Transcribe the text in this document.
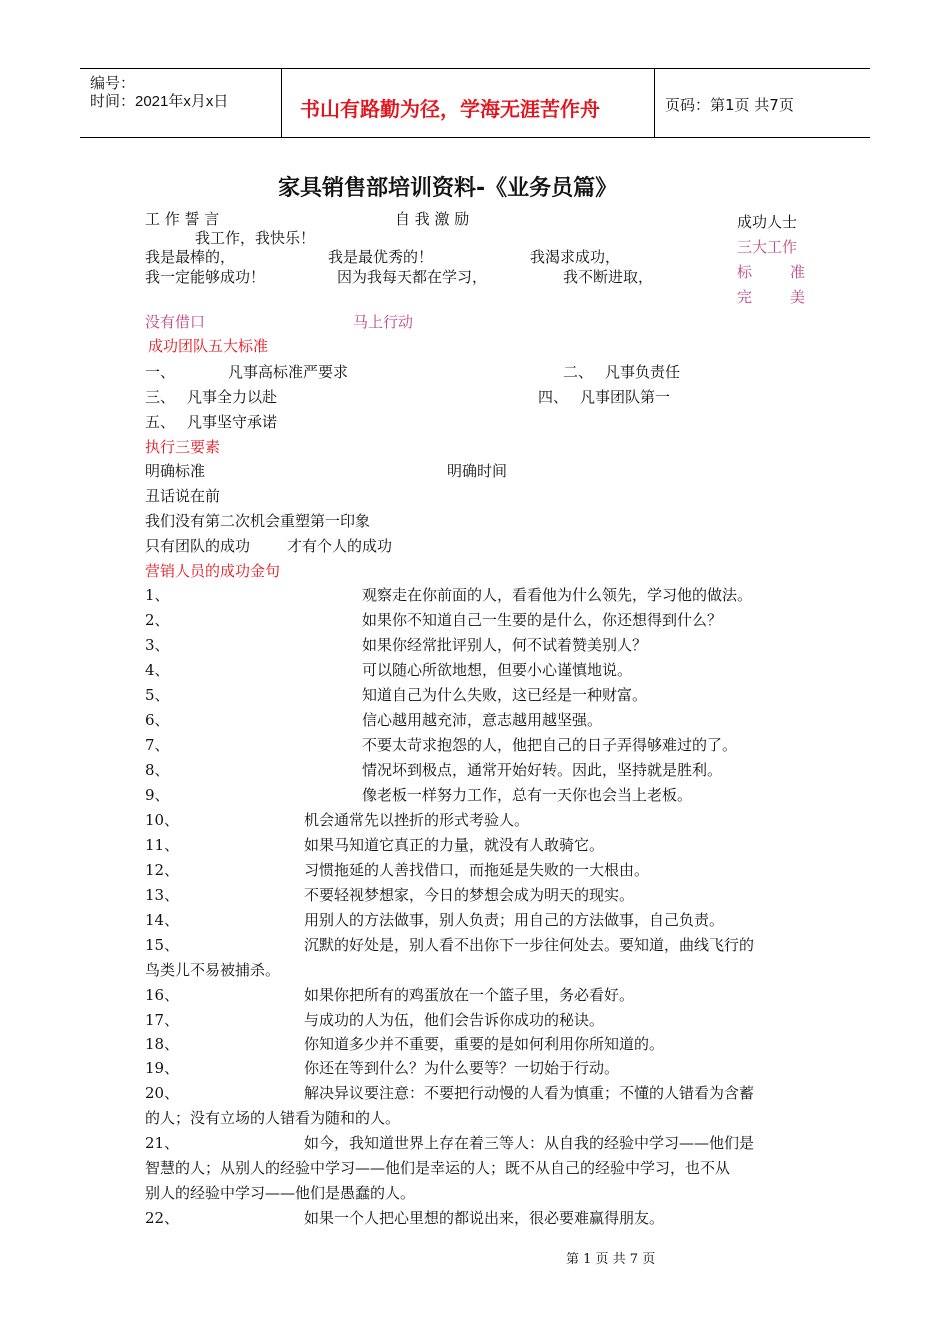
编号：
时间：2021年x月x日	书山有路勤为径，学海无涯苦作舟	页码：第1页 共7页
家具销售部培训资料-《业务员篇》
工 作 誓 言	自 我 激 励
我工作，我快乐！
我是最棒的，	我是最优秀的！	我渴求成功，
我一定能够成功！	因为我每天都在学习，	我不断进取，
成功人士
三大工作
标	准
完	美
没有借口	马上行动
成功团队五大标准
一、	凡事高标准严要求	二、 凡事负责任
三、 凡事全力以赴	四、 凡事团队第一
五、 凡事坚守承诺
执行三要素
明确标准	明确时间
丑话说在前
我们没有第二次机会重塑第一印象
只有团队的成功 才有个人的成功
营销人员的成功金句
1、	观察走在你前面的人，看看他为什么领先，学习他的做法。
2、	如果你不知道自己一生要的是什么，你还想得到什么？
3、	如果你经常批评别人，何不试着赞美别人？
4、	可以随心所欲地想，但要小心谨慎地说。
5、	知道自己为什么失败，这已经是一种财富。
6、	信心越用越充沛，意志越用越坚强。
7、	不要太苛求抱怨的人，他把自己的日子弄得够难过的了。
8、	情况坏到极点，通常开始好转。因此，坚持就是胜利。
9、	像老板一样努力工作，总有一天你也会当上老板。
10、	机会通常先以挫折的形式考验人。
11、	如果马知道它真正的力量，就没有人敢骑它。
12、	习惯拖延的人善找借口，而拖延是失败的一大根由。
13、	不要轻视梦想家，今日的梦想会成为明天的现实。
14、	用别人的方法做事，别人负责；用自己的方法做事，自己负责。
15、	沉默的好处是，别人看不出你下一步往何处去。要知道，曲线飞行的
鸟类儿不易被捕杀。
16、	如果你把所有的鸡蛋放在一个篮子里，务必看好。
17、	与成功的人为伍，他们会告诉你成功的秘诀。
18、	你知道多少并不重要，重要的是如何利用你所知道的。
19、	你还在等到什么？为什么要等？一切始于行动。
20、	解决异议要注意：不要把行动慢的人看为慎重；不懂的人错看为含蓄
的人；没有立场的人错看为随和的人。
21、	如今，我知道世界上存在着三等人：从自我的经验中学习——他们是
智慧的人；从别人的经验中学习——他们是幸运的人；既不从自己的经验中学习，也不从
别人的经验中学习——他们是愚蠢的人。
22、	如果一个人把心里想的都说出来，很必要难赢得朋友。
第 1 页 共 7 页
